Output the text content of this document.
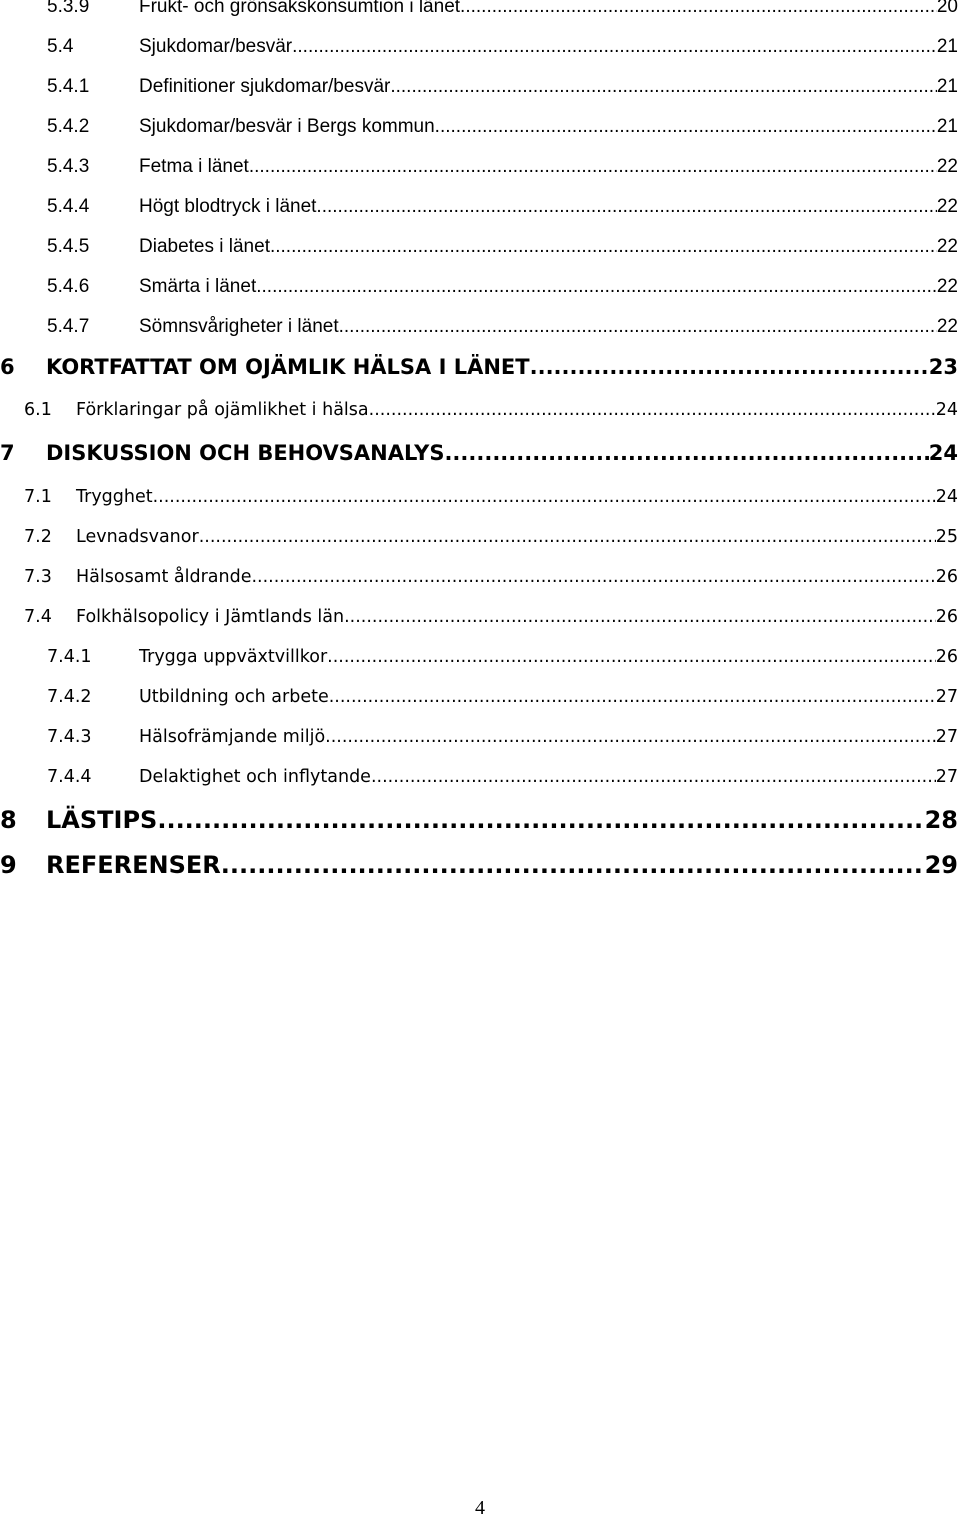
5.3.9	Frukt- och grönsakskonsumtion i länet .....	20
5.4	Sjukdomar/besvär .....	21
5.4.1	Definitioner sjukdomar/besvär .....	21
5.4.2	Sjukdomar/besvär i Bergs kommun .....	21
5.4.3	Fetma i länet .....	22
5.4.4	Högt blodtryck i länet .....	22
5.4.5	Diabetes i länet .....	22
5.4.6	Smärta i länet .....	22
5.4.7	Sömnsvårigheter i länet .....	22
6	KORTFATTAT OM OJÄMLIK HÄLSA I LÄNET .....	23
6.1	Förklaringar på ojämlikhet i hälsa .....	24
7	DISKUSSION OCH BEHOVSANALYS .....	24
7.1	Trygghet .....	24
7.2	Levnadsvanor .....	25
7.3	Hälsosamt åldrande .....	26
7.4	Folkhälsopolicy i Jämtlands län .....	26
7.4.1	Trygga uppväxtvillkor .....	26
7.4.2	Utbildning och arbete .....	27
7.4.3	Hälsofrämjande miljö .....	27
7.4.4	Delaktighet och inflytande .....	27
8	LÄSTIPS .....	28
9	REFERENSER .....	29
4
